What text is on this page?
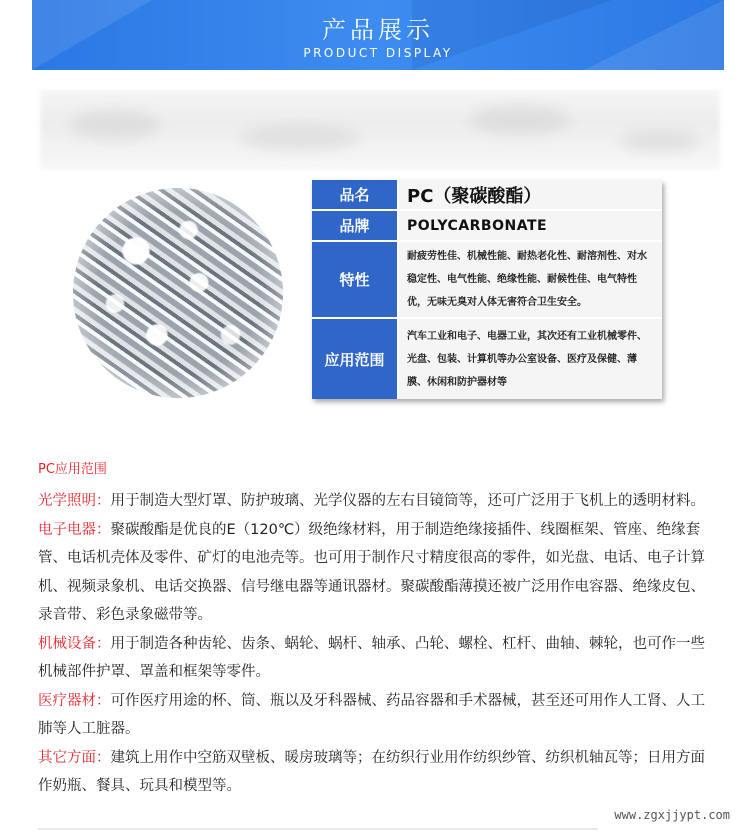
产品展示
PRODUCT DISPLAY
品名	PC（聚碳酸酯）
品牌	POLYCARBONATE
特性
耐疲劳性佳、机械性能、耐热老化性、耐溶剂性、对水稳定性、电气性能、绝缘性能、耐候性佳、电气特性优，无味无臭对人体无害符合卫生安全。
应用范围
汽车工业和电子、电器工业，其次还有工业机械零件、光盘、包装、计算机等办公室设备、医疗及保健、薄膜、休闲和防护器材等
PC应用范围

光学照明：用于制造大型灯罩、防护玻璃、光学仪器的左右目镜筒等，还可广泛用于飞机上的透明材料。

电子电器：聚碳酸酯是优良的E（120℃）级绝缘材料，用于制造绝缘接插件、线圈框架、管座、绝缘套管、电话机壳体及零件、矿灯的电池壳等。也可用于制作尺寸精度很高的零件，如光盘、电话、电子计算机、视频录象机、电话交换器、信号继电器等通讯器材。聚碳酸酯薄摸还被广泛用作电容器、绝缘皮包、录音带、彩色录象磁带等。

机械设备：用于制造各种齿轮、齿条、蜗轮、蜗杆、轴承、凸轮、螺栓、杠杆、曲轴、棘轮，也可作一些机械部件护罩、罩盖和框架等零件。

医疗器材：可作医疗用途的杯、筒、瓶以及牙科器械、药品容器和手术器械，甚至还可用作人工肾、人工肺等人工脏器。

其它方面：建筑上用作中空筋双壁板、暖房玻璃等；在纺织行业用作纺织纱管、纺织机轴瓦等；日用方面作奶瓶、餐具、玩具和模型等。

www.zgxjjypt.com
